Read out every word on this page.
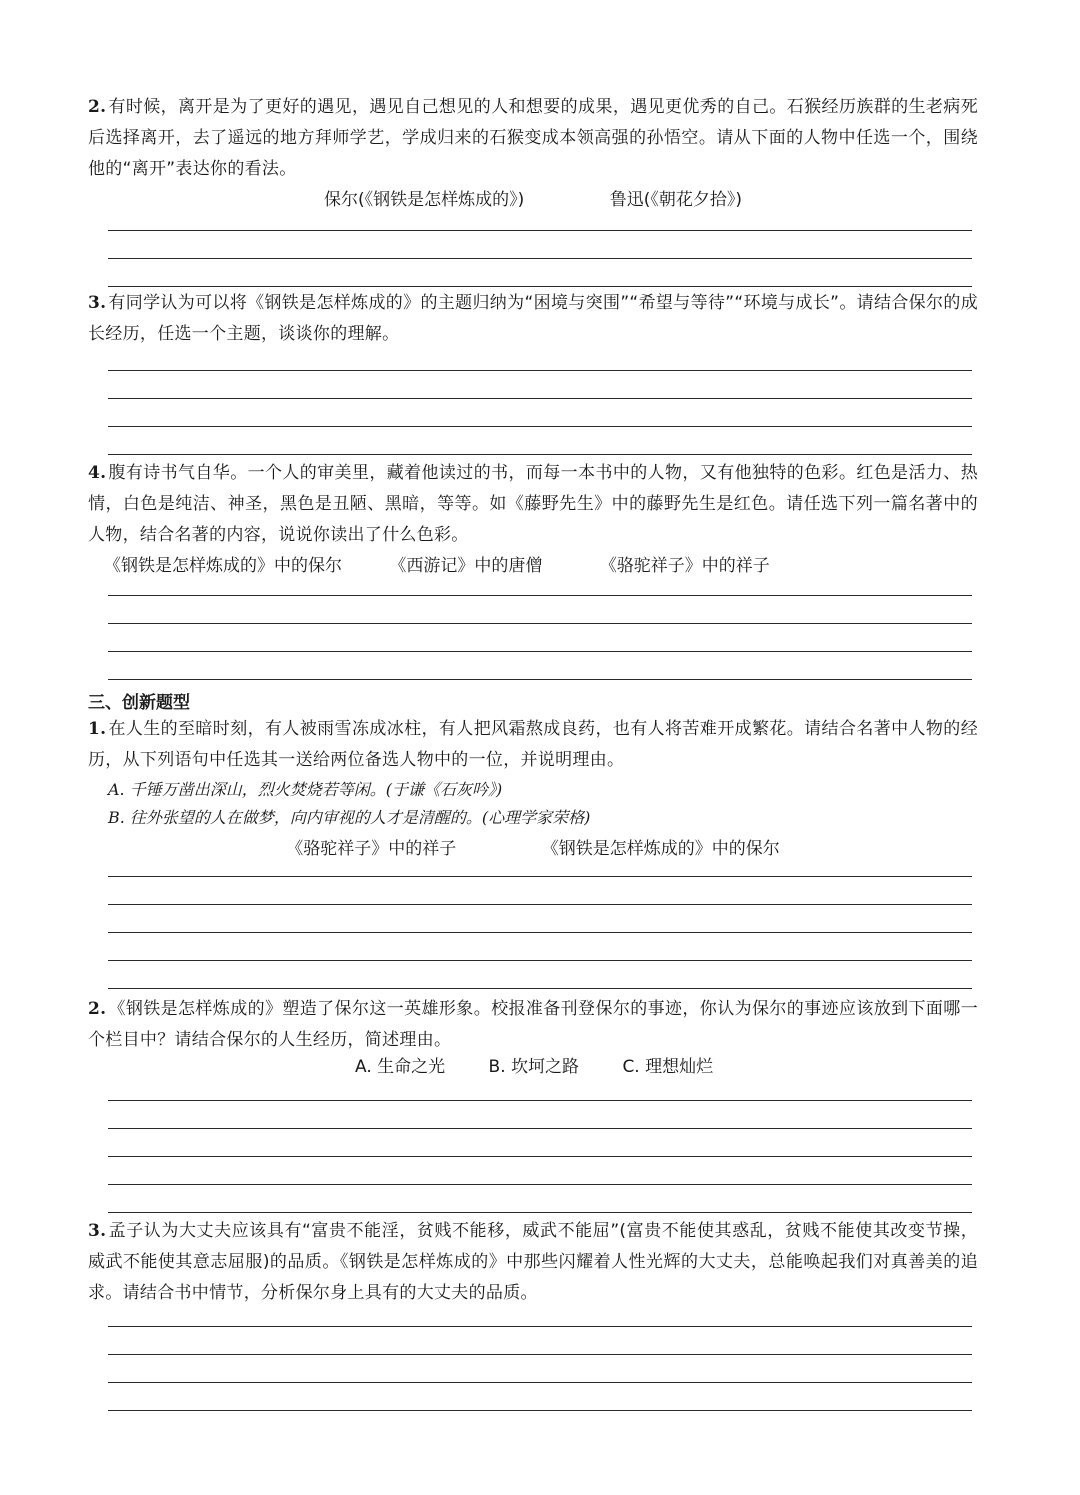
2. 有时候，离开是为了更好的遇见，遇见自己想见的人和想要的成果，遇见更优秀的自己。石猴经历族群的生老病死后选择离开，去了遥远的地方拜师学艺，学成归来的石猴变成本领高强的孙悟空。请从下面的人物中任选一个，围绕他的“离开”表达你的看法。

保尔(《钢铁是怎样炼成的》)	鲁迅(《朝花夕拾》)

3. 有同学认为可以将《钢铁是怎样炼成的》的主题归纳为“困境与突围”“希望与等待”“环境与成长”。请结合保尔的成长经历，任选一个主题，谈谈你的理解。

4. 腹有诗书气自华。一个人的审美里，藏着他读过的书，而每一本书中的人物，又有他独特的色彩。红色是活力、热情，白色是纯洁、神圣，黑色是丑陋、黑暗，等等。如《藤野先生》中的藤野先生是红色。请任选下列一篇名著中的人物，结合名著的内容，说说你读出了什么色彩。

《钢铁是怎样炼成的》中的保尔	《西游记》中的唐僧	《骆驼祥子》中的祥子
三、创新题型

1. 在人生的至暗时刻，有人被雨雪冻成冰柱，有人把风霜熬成良药，也有人将苦难开成繁花。请结合名著中人物的经历，从下列语句中任选其一送给两位备选人物中的一位，并说明理由。

A. 千锤万凿出深山，烈火焚烧若等闲。(于谦《石灰吟》)
B. 往外张望的人在做梦，向内审视的人才是清醒的。(心理学家荣格)
《骆驼祥子》中的祥子	《钢铁是怎样炼成的》中的保尔

2. 《钢铁是怎样炼成的》塑造了保尔这一英雄形象。校报准备刊登保尔的事迹，你认为保尔的事迹应该放到下面哪一个栏目中？请结合保尔的人生经历，简述理由。

A. 生命之光	B. 坎坷之路	C. 理想灿烂

3. 孟子认为大丈夫应该具有“富贵不能淫，贫贱不能移，威武不能屈”(富贵不能使其惑乱，贫贱不能使其改变节操，威武不能使其意志屈服)的品质。《钢铁是怎样炼成的》中那些闪耀着人性光辉的大丈夫，总能唤起我们对真善美的追求。请结合书中情节，分析保尔身上具有的大丈夫的品质。
